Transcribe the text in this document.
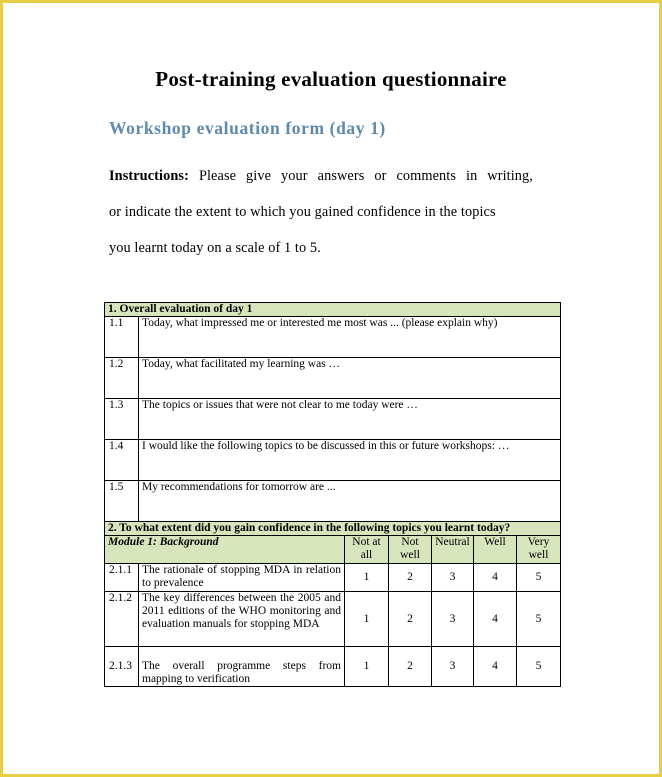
Post-training evaluation questionnaire
Workshop evaluation form (day 1)
Instructions: Please give your answers or comments in writing,
or indicate the extent to which you gained confidence in the topics
you learnt today on a scale of 1 to 5.
1. Overall evaluation of day 1						
1.1	Today, what impressed me or interested me most was ... (please explain why)					
1.2	Today, what facilitated my learning was …					
1.3	The topics or issues that were not clear to me today were …					
1.4	I would like the following topics to be discussed in this or future workshops: …					
1.5	My recommendations for tomorrow are ...					
2. To what extent did you gain confidence in the following topics you learnt today?						
Module 1: Background		Not at all	Not well	Neutral	Well	Very well
2.1.1	The rationale of stopping MDA in relation to prevalence	1	2	3	4	5
2.1.2	The key differences between the 2005 and 2011 editions of the WHO monitoring and evaluation manuals for stopping MDA	1	2	3	4	5
2.1.3	The overall programme steps from mapping to verification	1	2	3	4	5
